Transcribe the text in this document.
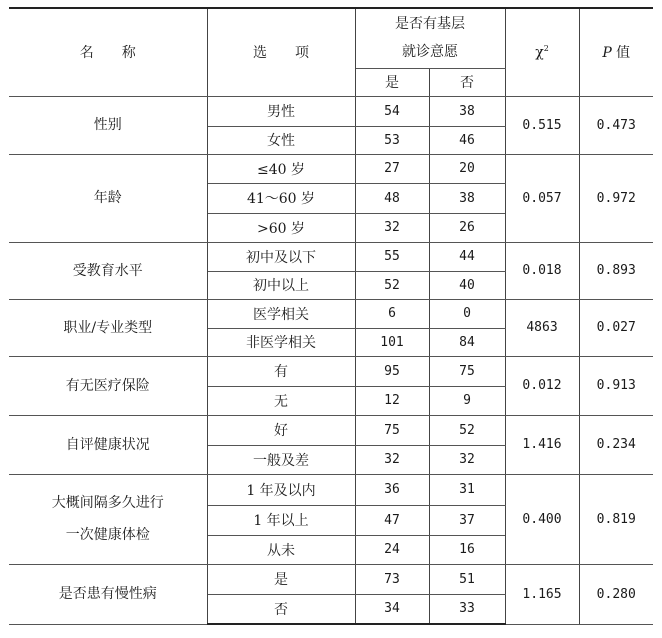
名　　称	选　　项	是否有基层
就诊意愿		$\chi^2$	P 值

		是	否		

性别	男性	54	38	0.515	0.473
	女性	53	46		

年龄	≤40 岁	27	20	0.057	0.972
	41～60 岁	48	38		
	>60 岁	32	26		

受教育水平	初中及以下	55	44	0.018	0.893
	初中以上	52	40		

职业/专业类型	医学相关	6	0	4863	0.027
	非医学相关	101	84		

有无医疗保险	有	95	75	0.012	0.913
	无	12	9		

自评健康状况	好	75	52	1.416	0.234
	一般及差	32	32		

大概间隔多久进行
一次健康体检	1 年及以内	36	31	0.400	0.819
	1 年以上	47	37		
	从未	24	16		

是否患有慢性病	是	73	51	1.165	0.280
	否	34	33		
